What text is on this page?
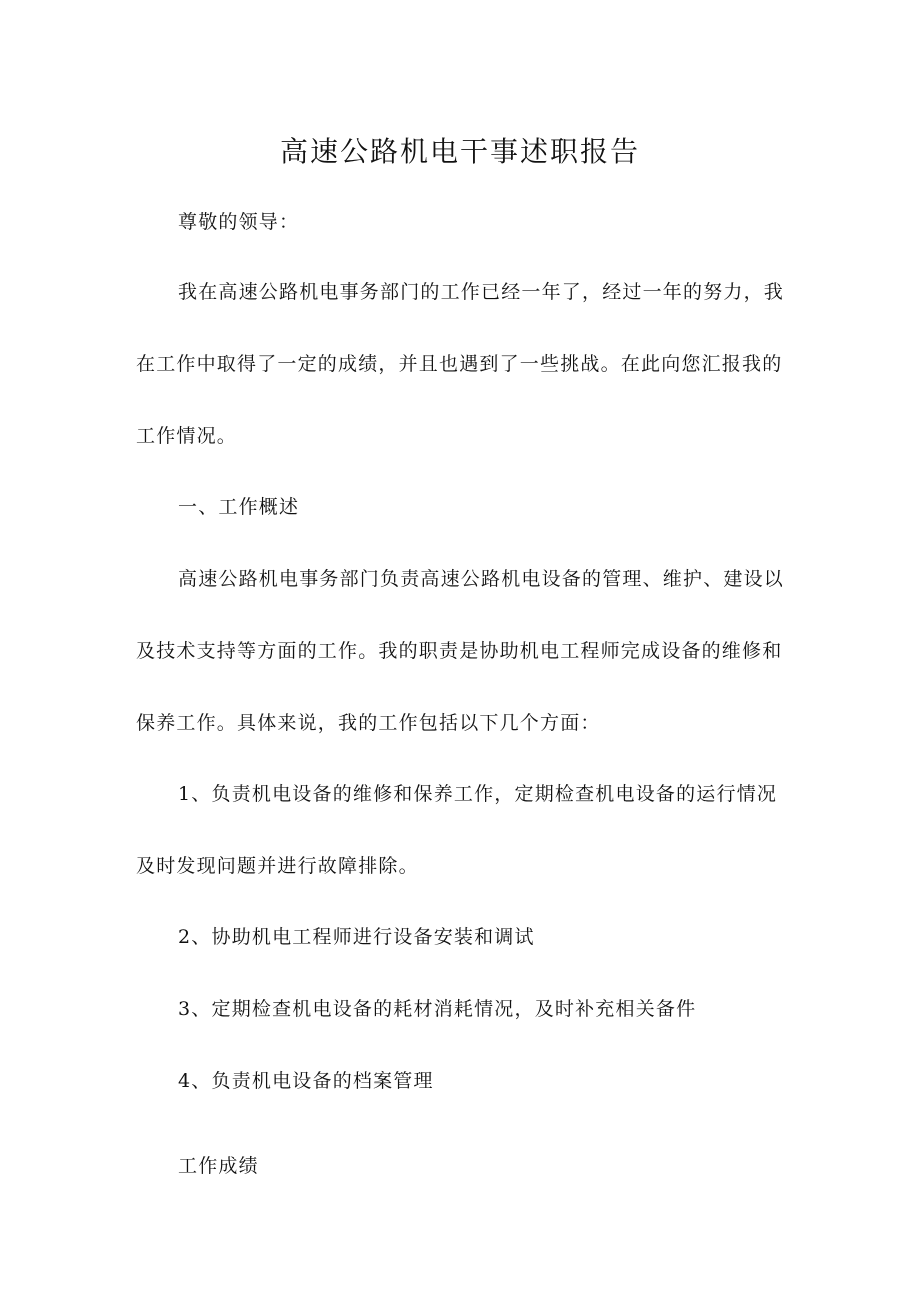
高速公路机电干事述职报告

尊敬的领导：

我在高速公路机电事务部门的工作已经一年了，经过一年的努力，我在工作中取得了一定的成绩，并且也遇到了一些挑战。在此向您汇报我的工作情况。

一、工作概述

高速公路机电事务部门负责高速公路机电设备的管理、维护、建设以及技术支持等方面的工作。我的职责是协助机电工程师完成设备的维修和保养工作。具体来说，我的工作包括以下几个方面：

1、负责机电设备的维修和保养工作，定期检查机电设备的运行情况及时发现问题并进行故障排除。

2、协助机电工程师进行设备安装和调试

3、定期检查机电设备的耗材消耗情况，及时补充相关备件

4、负责机电设备的档案管理

工作成绩
